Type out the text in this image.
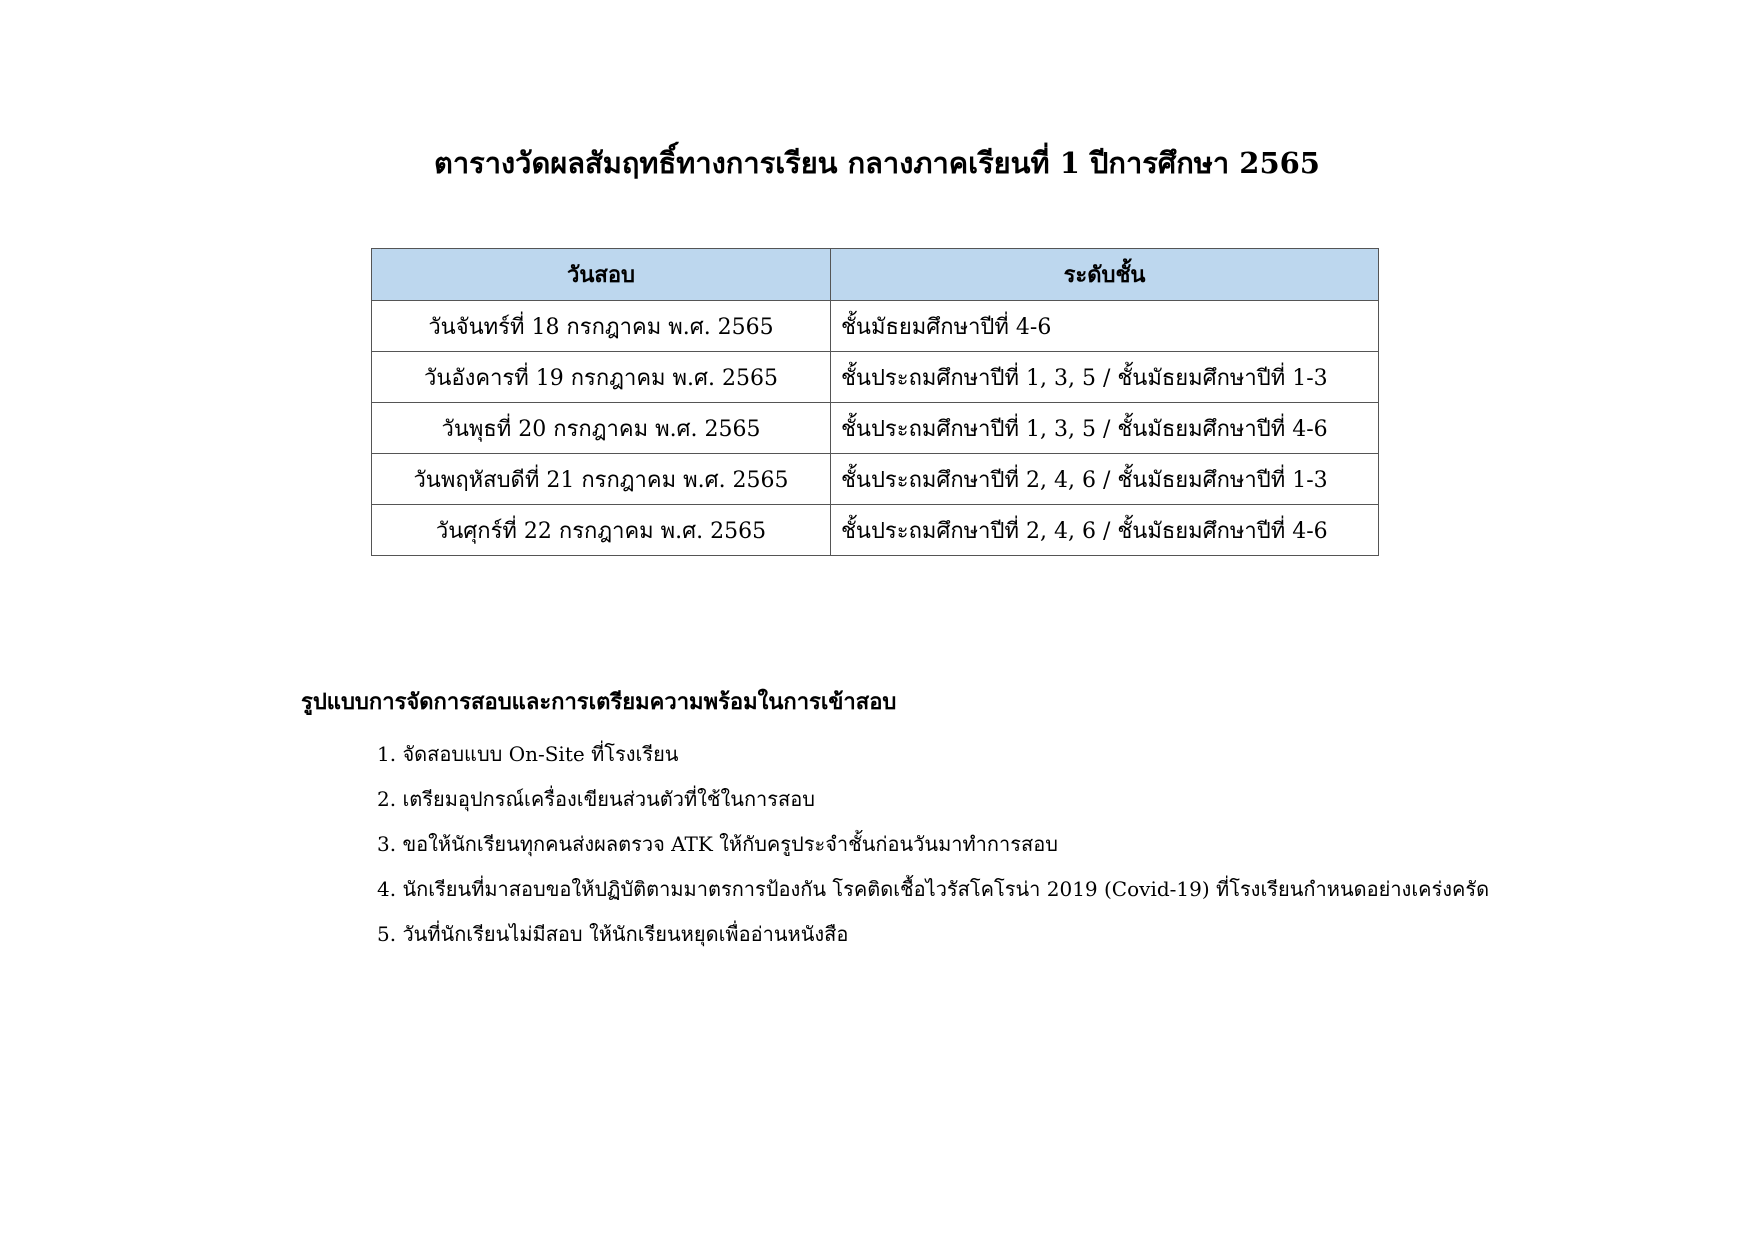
ตารางวัดผลสัมฤทธิ์ทางการเรียน กลางภาคเรียนที่ 1 ปีการศึกษา 2565
วันสอบ	ระดับชั้น
วันจันทร์ที่ 18 กรกฎาคม พ.ศ. 2565	ชั้นมัธยมศึกษาปีที่ 4-6
วันอังคารที่ 19 กรกฎาคม พ.ศ. 2565	ชั้นประถมศึกษาปีที่ 1, 3, 5 / ชั้นมัธยมศึกษาปีที่ 1-3
วันพุธที่ 20 กรกฎาคม พ.ศ. 2565	ชั้นประถมศึกษาปีที่ 1, 3, 5 / ชั้นมัธยมศึกษาปีที่ 4-6
วันพฤหัสบดีที่ 21 กรกฎาคม พ.ศ. 2565	ชั้นประถมศึกษาปีที่ 2, 4, 6 / ชั้นมัธยมศึกษาปีที่ 1-3
วันศุกร์ที่ 22 กรกฎาคม พ.ศ. 2565	ชั้นประถมศึกษาปีที่ 2, 4, 6 / ชั้นมัธยมศึกษาปีที่ 4-6
รูปแบบการจัดการสอบและการเตรียมความพร้อมในการเข้าสอบ
1. จัดสอบแบบ On-Site ที่โรงเรียน
2. เตรียมอุปกรณ์เครื่องเขียนส่วนตัวที่ใช้ในการสอบ
3. ขอให้นักเรียนทุกคนส่งผลตรวจ ATK ให้กับครูประจำชั้นก่อนวันมาทำการสอบ
4. นักเรียนที่มาสอบขอให้ปฏิบัติตามมาตรการป้องกัน โรคติดเชื้อไวรัสโคโรน่า 2019 (Covid-19) ที่โรงเรียนกำหนดอย่างเคร่งครัด
5. วันที่นักเรียนไม่มีสอบ ให้นักเรียนหยุดเพื่ออ่านหนังสือ
